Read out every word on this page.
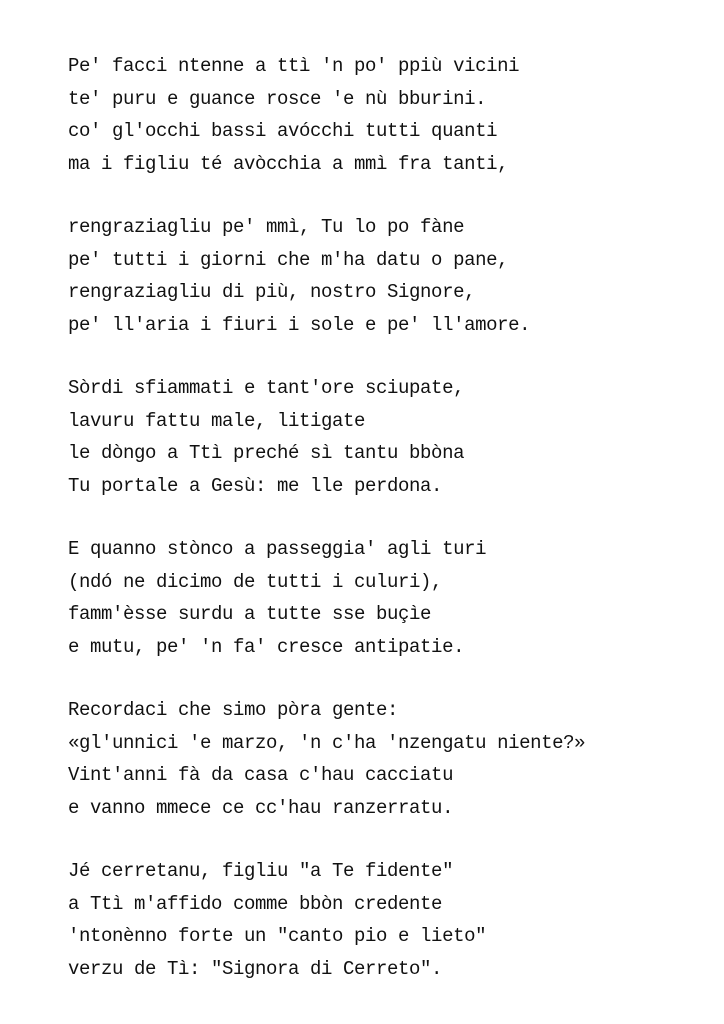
Pe' facci ntenne a ttì 'n po' ppiù vicini
te' puru e guance rosce 'e nù bburini.
co' gl'occhi bassi avócchi tutti quanti
ma i figliu té avòcchia a mmì fra tanti,
rengraziagliu pe' mmì, Tu lo po fàne
pe' tutti i giorni che m'ha datu o pane,
rengraziagliu di più, nostro Signore,
pe' ll'aria i fiuri i sole e pe' ll'amore.
Sòrdi sfiammati e tant'ore sciupate,
lavuru fattu male, litigate
le dòngo a Ttì preché sì tantu bbòna
Tu portale a Gesù: me lle perdona.
E quanno stònco a passeggia' agli turi
(ndó ne dicimo de tutti i culuri),
famm'èsse surdu a tutte sse buçìe
e mutu, pe' 'n fa' cresce antipatie.
Recordaci che simo pòra gente:
«gl'unnici 'e marzo, 'n c'ha 'nzengatu niente?»
Vint'anni fà da casa c'hau cacciatu
e vanno mmece ce cc'hau ranzerratu.
Jé cerretanu, figliu "a Te fidente"
a Ttì m'affido comme bbòn credente
'ntonènno forte un "canto pio e lieto"
verzu de Tì: "Signora di Cerreto".
